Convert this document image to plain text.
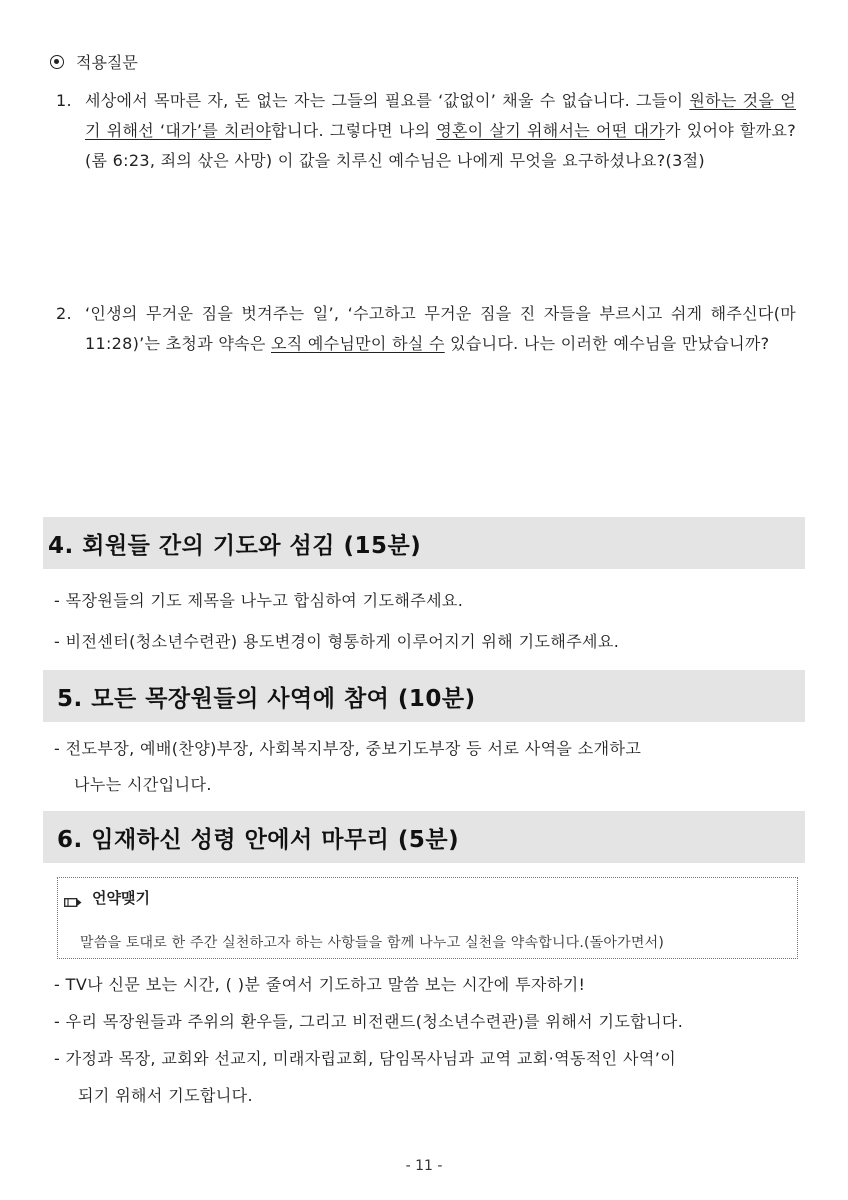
적용질문
1. 세상에서 목마른 자, 돈 없는 자는 그들의 필요를 ‘값없이’ 채울 수 없습니다. 그들이 원하는 것을 얻기 위해선 ‘대가’를 치러야합니다. 그렇다면 나의 영혼이 살기 위해서는 어떤 대가가 있어야 할까요?(롬 6:23, 죄의 삯은 사망) 이 값을 치루신 예수님은 나에게 무엇을 요구하셨나요?(3절)
2. ‘인생의 무거운 짐을 벗겨주는 일’, ‘수고하고 무거운 짐을 진 자들을 부르시고 쉬게 해주신다(마11:28)’는 초청과 약속은 오직 예수님만이 하실 수 있습니다. 나는 이러한 예수님을 만났습니까?
4. 회원들 간의 기도와 섬김 (15분)
- 목장원들의 기도 제목을 나누고 합심하여 기도해주세요.
- 비전센터(청소년수련관) 용도변경이 형통하게 이루어지기 위해 기도해주세요.
5. 모든 목장원들의 사역에 참여 (10분)
- 전도부장, 예배(찬양)부장, 사회복지부장, 중보기도부장 등 서로 사역을 소개하고
나누는 시간입니다.
6. 임재하신 성령 안에서 마무리 (5분)
언약맺기
말씀을 토대로 한 주간 실천하고자 하는 사항들을 함께 나누고 실천을 약속합니다.(돌아가면서)
- TV나 신문 보는 시간, ( )분 줄여서 기도하고 말씀 보는 시간에 투자하기!
- 우리 목장원들과 주위의 환우들, 그리고 비전랜드(청소년수련관)를 위해서 기도합니다.
- 가정과 목장, 교회와 선교지, 미래자립교회, 담임목사님과 교역 교회·역동적인 사역’이
되기 위해서 기도합니다.
- 11 -
